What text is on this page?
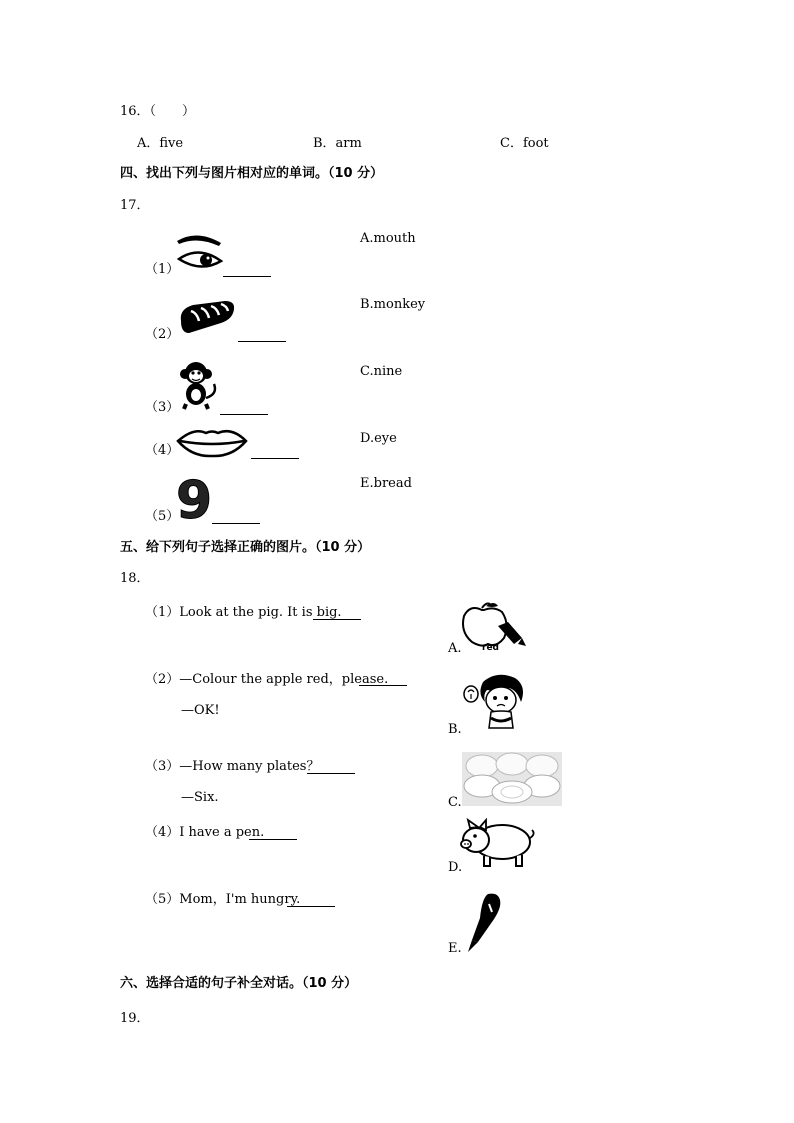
16．（　　）
A．five	B．arm	C．foot
四、找出下列与图片相对应的单词。（10 分）
17．
（1）
（2）
（3）
（4）
（5）
9
A.mouth
B.monkey
C.nine
D.eye
E.bread
五、给下列句子选择正确的图片。（10 分）
18．
（1）Look at the pig. It is big.
（2）—Colour the apple red，please.
—OK!
（3）—How many plates？
—Six.
（4）I have a pen.
（5）Mom，I'm hungry.
A. red
B.
C.
D.
E.
六、选择合适的句子补全对话。（10 分）
19．
